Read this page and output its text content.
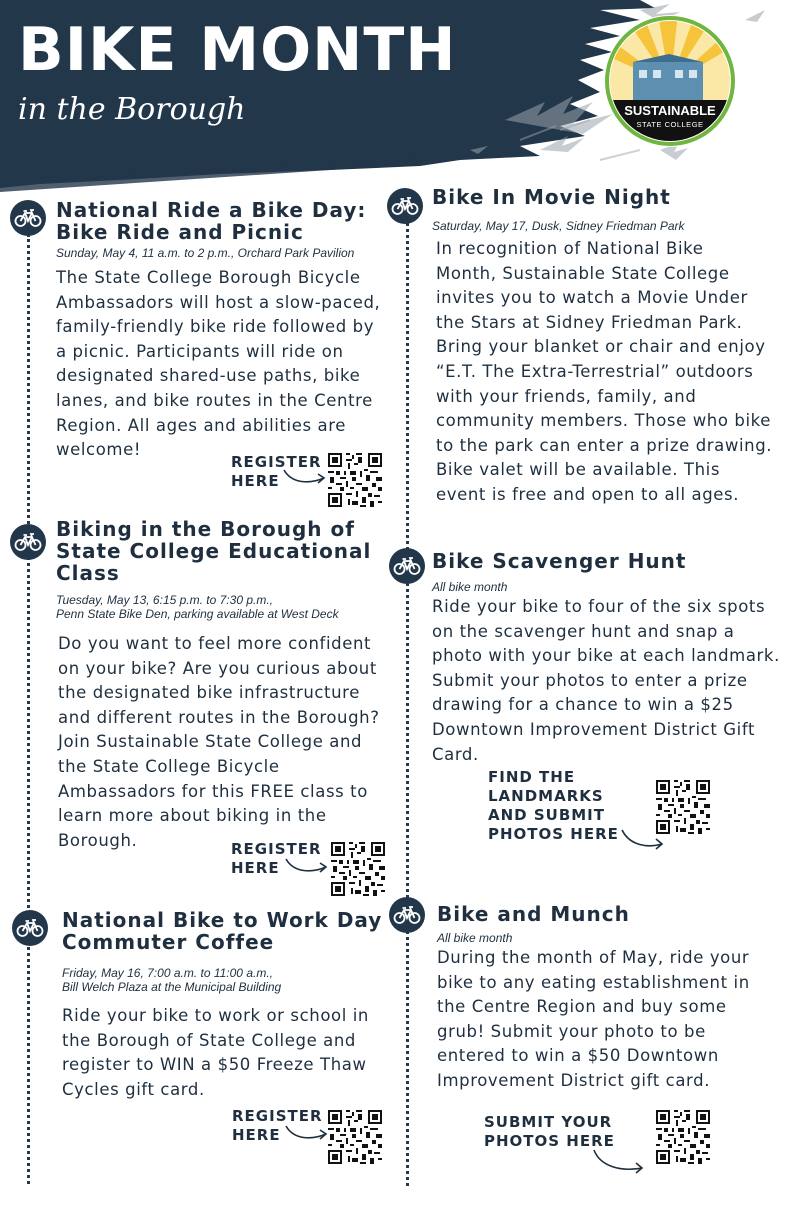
BIKE MONTH
in the Borough	SUSTAINABLE
STATE COLLEGE
National Ride a Bike Day:
Bike Ride and Picnic
Sunday, May 4, 11 a.m. to 2 p.m., Orchard Park Pavilion
The State College Borough Bicycle
Ambassadors will host a slow-paced,
family-friendly bike ride followed by
a picnic. Participants will ride on
designated shared-use paths, bike
lanes, and bike routes in the Centre
Region. All ages and abilities are
welcome!
REGISTER
HERE
Biking in the Borough of
State College Educational
Class
Tuesday, May 13, 6:15 p.m. to 7:30 p.m.,
Penn State Bike Den, parking available at West Deck
Do you want to feel more confident
on your bike? Are you curious about
the designated bike infrastructure
and different routes in the Borough?
Join Sustainable State College and
the State College Bicycle
Ambassadors for this FREE class to
learn more about biking in the
Borough.	REGISTER
HERE
National Bike to Work Day
Commuter Coffee
Friday, May 16, 7:00 a.m. to 11:00 a.m.,
Bill Welch Plaza at the Municipal Building
Ride your bike to work or school in
the Borough of State College and
register to WIN a $50 Freeze Thaw
Cycles gift card.
REGISTER
HERE
Bike In Movie Night
Saturday, May 17, Dusk, Sidney Friedman Park
In recognition of National Bike
Month, Sustainable State College
invites you to watch a Movie Under
the Stars at Sidney Friedman Park.
Bring your blanket or chair and enjoy
“E.T. The Extra-Terrestrial” outdoors
with your friends, family, and
community members. Those who bike
to the park can enter a prize drawing.
Bike valet will be available. This
event is free and open to all ages.
Bike Scavenger Hunt
All bike month
Ride your bike to four of the six spots
on the scavenger hunt and snap a
photo with your bike at each landmark.
Submit your photos to enter a prize
drawing for a chance to win a $25
Downtown Improvement District Gift
Card.
FIND THE
LANDMARKS
AND SUBMIT
PHOTOS HERE
Bike and Munch
All bike month
During the month of May, ride your
bike to any eating establishment in
the Centre Region and buy some
grub! Submit your photo to be
entered to win a $50 Downtown
Improvement District gift card.
SUBMIT YOUR
PHOTOS HERE
